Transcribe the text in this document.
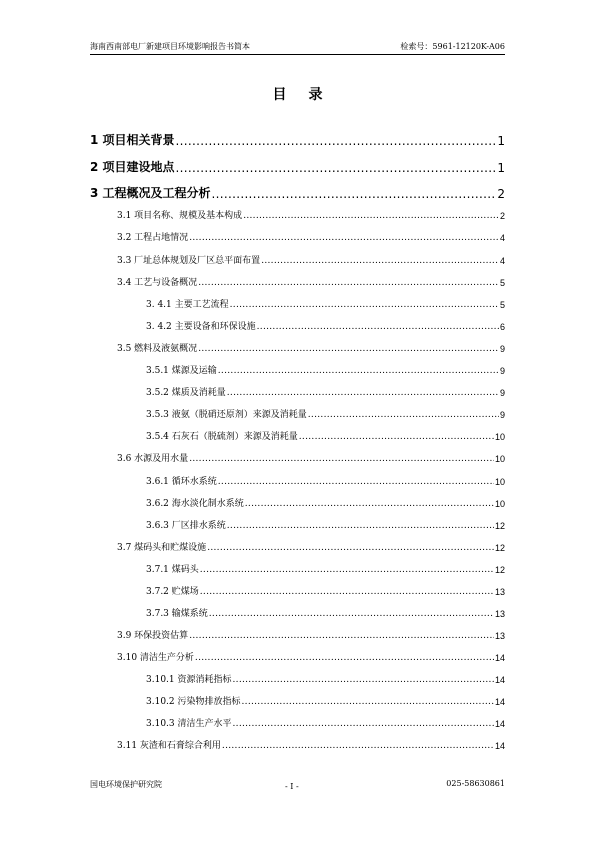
海南西南部电厂新建项目环境影响报告书简本	检索号：5961-12120K-A06
目 录
1 项目相关背景 .....	1
2 项目建设地点 .....	1
3 工程概况及工程分析 .....	2
3.1 项目名称、规模及基本构成 .....	2
3.2 工程占地情况 .....	4
3.3 厂址总体规划及厂区总平面布置 .....	4
3.4 工艺与设备概况 .....	5
3. 4.1 主要工艺流程 .....	5
3. 4.2 主要设备和环保设施 .....	6
3.5 燃料及液氨概况 .....	9
3.5.1 煤源及运输 .....	9
3.5.2 煤质及消耗量 .....	9
3.5.3 液氨（脱硝还原剂）来源及消耗量 .....	9
3.5.4 石灰石（脱硫剂）来源及消耗量 .....	10
3.6 水源及用水量 .....	10
3.6.1 循环水系统 .....	10
3.6.2 海水淡化制水系统 .....	10
3.6.3 厂区排水系统 .....	12
3.7 煤码头和贮煤设施 .....	12
3.7.1 煤码头 .....	12
3.7.2 贮煤场 .....	13
3.7.3 输煤系统 .....	13
3.9 环保投资估算 .....	13
3.10 清洁生产分析 .....	14
3.10.1 资源消耗指标 .....	14
3.10.2 污染物排放指标 .....	14
3.10.3 清洁生产水平 .....	14
3.11 灰渣和石膏综合利用 .....	14
国电环境保护研究院	- I -	025-58630861
